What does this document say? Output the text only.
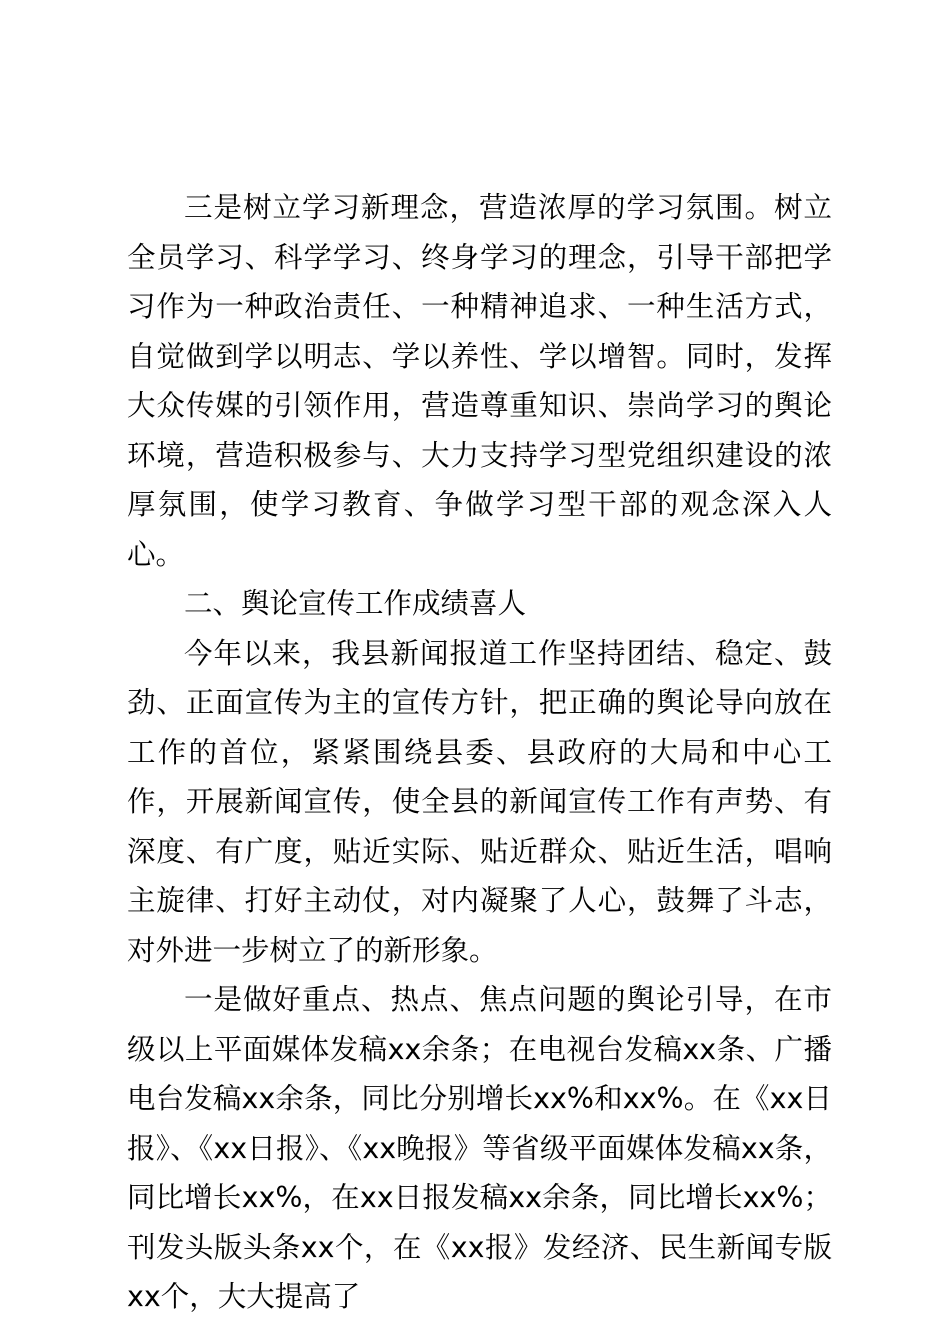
三是树立学习新理念，营造浓厚的学习氛围。树立全员学习、科学学习、终身学习的理念，引导干部把学习作为一种政治责任、一种精神追求、一种生活方式，自觉做到学以明志、学以养性、学以增智。同时，发挥大众传媒的引领作用，营造尊重知识、崇尚学习的舆论环境，营造积极参与、大力支持学习型党组织建设的浓厚氛围，使学习教育、争做学习型干部的观念深入人心。

二、舆论宣传工作成绩喜人

今年以来，我县新闻报道工作坚持团结、稳定、鼓劲、正面宣传为主的宣传方针，把正确的舆论导向放在工作的首位，紧紧围绕县委、县政府的大局和中心工作，开展新闻宣传，使全县的新闻宣传工作有声势、有深度、有广度，贴近实际、贴近群众、贴近生活，唱响主旋律、打好主动仗，对内凝聚了人心，鼓舞了斗志，对外进一步树立了的新形象。

一是做好重点、热点、焦点问题的舆论引导，在市级以上平面媒体发稿xx余条；在电视台发稿xx条、广播电台发稿xx余条，同比分别增长xx%和xx%。在《xx日报》、《xx日报》、《xx晚报》等省级平面媒体发稿xx条，同比增长xx%，在xx日报发稿xx余条，同比增长xx%；刊发头版头条xx个，在《xx报》发经济、民生新闻专版xx个，大大提高了
